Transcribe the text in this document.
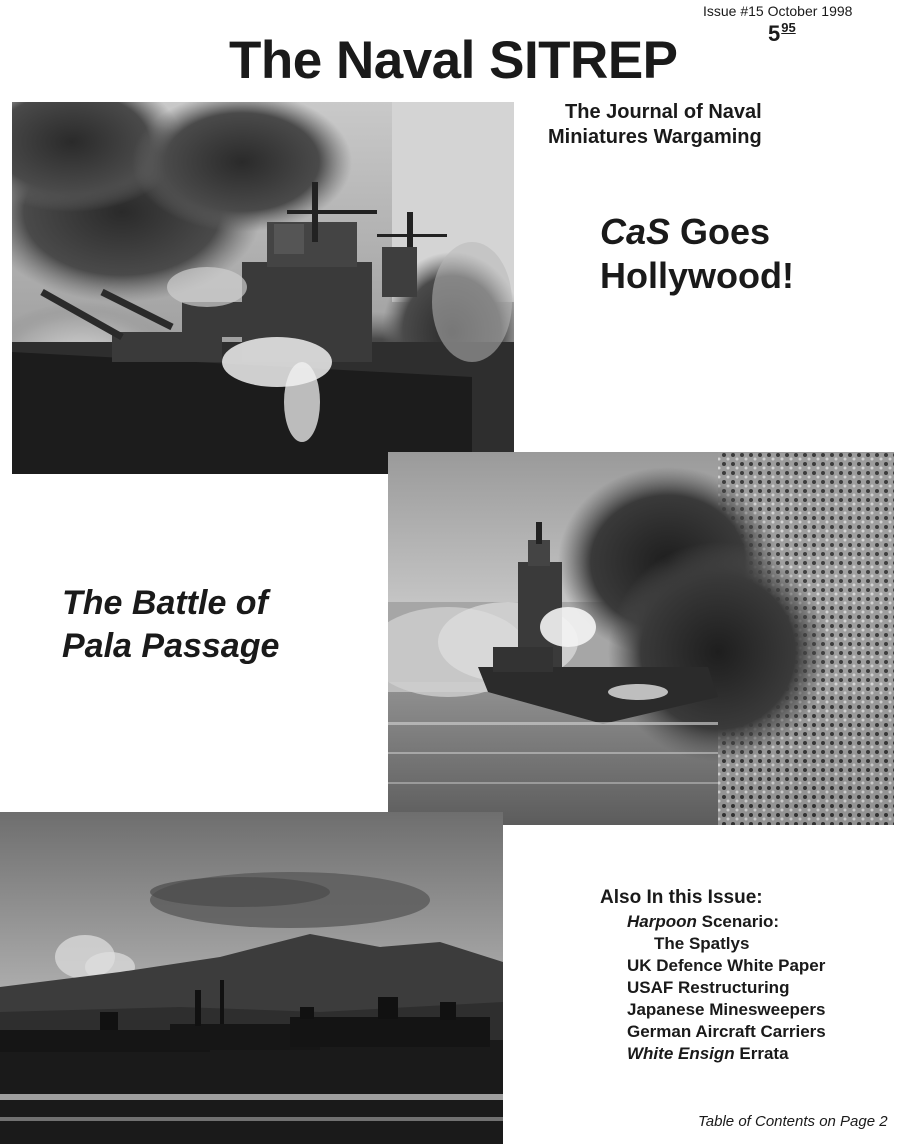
Issue #15 October 1998
$5^{95}$
The Naval SITREP
The Journal of Naval
Miniatures Wargaming
CaS Goes
Hollywood!
The Battle of
Pala Passage
Also In this Issue:
Harpoon Scenario:
The Spatlys
UK Defence White Paper
USAF Restructuring
Japanese Minesweepers
German Aircraft Carriers
White Ensign Errata
Table of Contents on Page 2
